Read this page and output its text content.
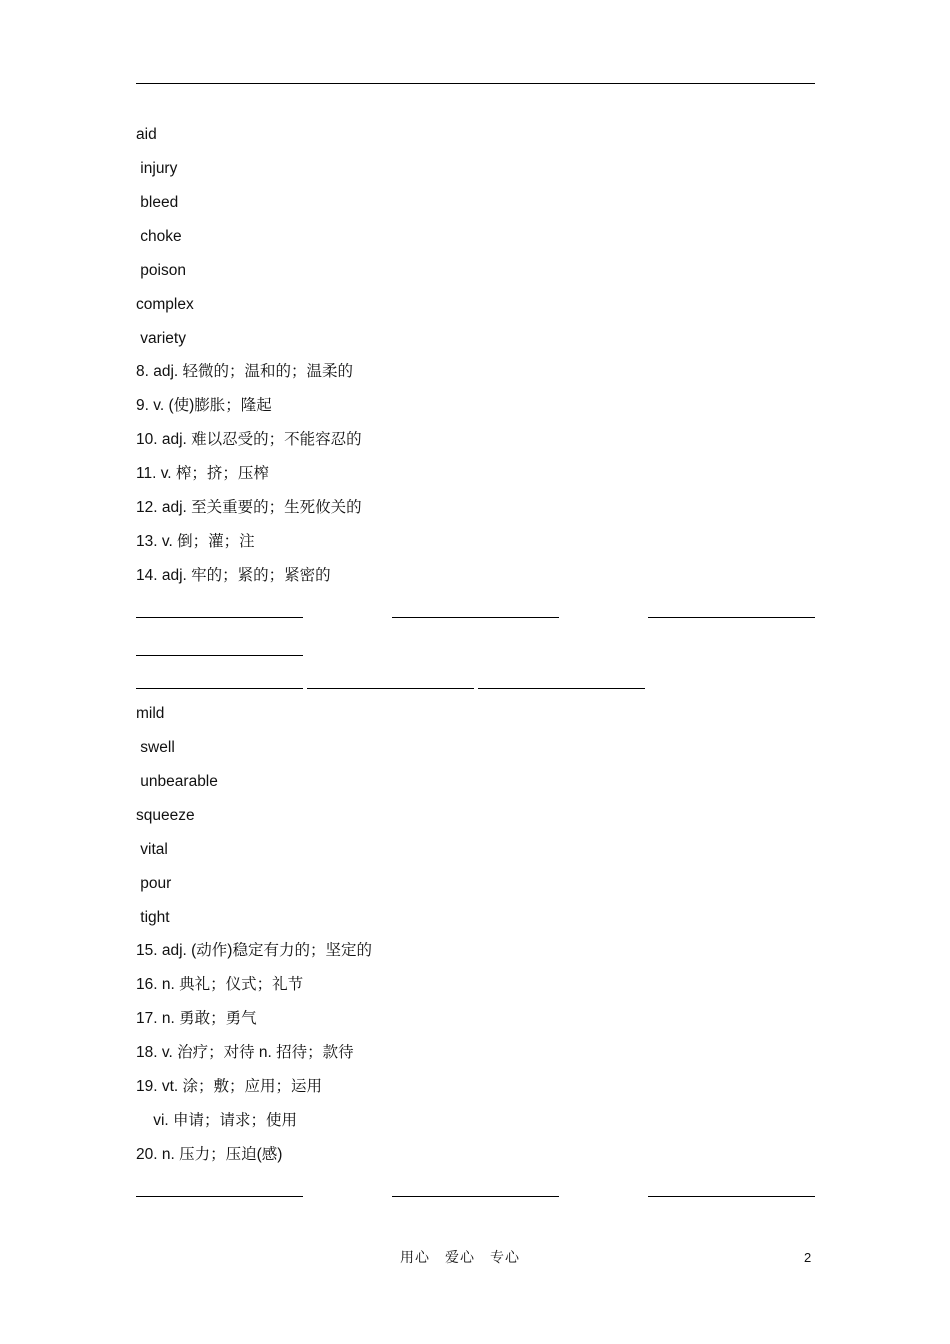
aid
injury
bleed
choke
poison
complex
variety
8. adj. 轻微的；温和的；温柔的
9. v. (使)膨胀；隆起
10. adj. 难以忍受的；不能容忍的
11. v. 榨；挤；压榨
12. adj. 至关重要的；生死攸关的
13. v. 倒；灌；注
14. adj. 牢的；紧的；紧密的
mild
swell
unbearable
squeeze
vital
pour
tight
15. adj. (动作)稳定有力的；坚定的
16. n. 典礼；仪式；礼节
17. n. 勇敢；勇气
18. v. 治疗；对待 n. 招待；款待
19. vt. 涂；敷；应用；运用
vi. 申请；请求；使用
20. n. 压力；压迫(感)
用心　爱心　专心	2
